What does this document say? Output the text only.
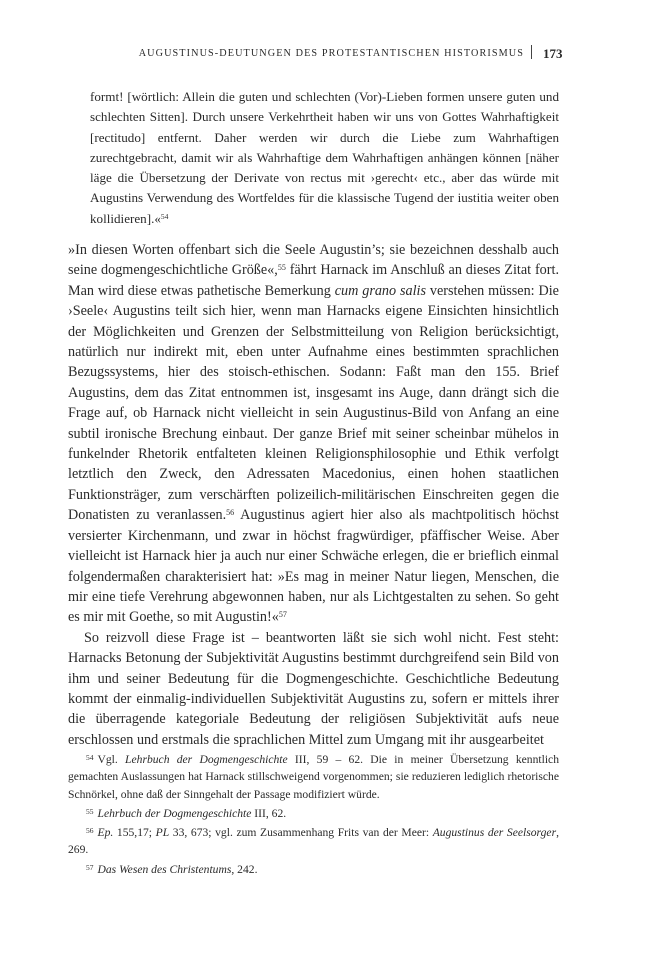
AUGUSTINUS-DEUTUNGEN DES PROTESTANTISCHEN HISTORISMUS 173
formt! [wörtlich: Allein die guten und schlechten (Vor)-Lieben formen unsere guten und schlechten Sitten]. Durch unsere Verkehrtheit haben wir uns von Gottes Wahrhaftigkeit [rectitudo] entfernt. Daher werden wir durch die Liebe zum Wahrhaftigen zurechtgebracht, damit wir als Wahrhaftige dem Wahrhaftigen anhängen können [näher läge die Übersetzung der Derivate von rectus mit ›gerecht‹ etc., aber das würde mit Augustins Verwendung des Wortfeldes für die klassische Tugend der iustitia weiter oben kollidieren].«$^{54}$

»In diesen Worten offenbart sich die Seele Augustin’s; sie bezeichnen desshalb auch seine dogmengeschichtliche Größe«,$^{55}$ fährt Harnack im Anschluß an dieses Zitat fort. Man wird diese etwas pathetische Bemerkung cum grano salis verstehen müssen: Die ›Seele‹ Augustins teilt sich hier, wenn man Harnacks eigene Einsichten hinsichtlich der Möglichkeiten und Grenzen der Selbstmitteilung von Religion berücksichtigt, natürlich nur indirekt mit, eben unter Aufnahme eines bestimmten sprachlichen Bezugssystems, hier des stoisch-ethischen. Sodann: Faßt man den 155. Brief Augustins, dem das Zitat entnommen ist, insgesamt ins Auge, dann drängt sich die Frage auf, ob Harnack nicht vielleicht in sein Augustinus-Bild von Anfang an eine subtil ironische Brechung einbaut. Der ganze Brief mit seiner scheinbar mühelos in funkelnder Rhetorik entfalteten kleinen Religionsphilosophie und Ethik verfolgt letztlich den Zweck, den Adressaten Macedonius, einen hohen staatlichen Funktionsträger, zum verschärften polizeilich-militärischen Einschreiten gegen die Donatisten zu veranlassen.$^{56}$ Augustinus agiert hier also als machtpolitisch höchst versierter Kirchenmann, und zwar in höchst fragwürdiger, pfäffischer Weise. Aber vielleicht ist Harnack hier ja auch nur einer Schwäche erlegen, die er brieflich einmal folgendermaßen charakterisiert hat: »Es mag in meiner Natur liegen, Menschen, die mir eine tiefe Verehrung abgewonnen haben, nur als Lichtgestalten zu sehen. So geht es mir mit Goethe, so mit Augustin!«$^{57}$

So reizvoll diese Frage ist – beantworten läßt sie sich wohl nicht. Fest steht: Harnacks Betonung der Subjektivität Augustins bestimmt durchgreifend sein Bild von ihm und seiner Bedeutung für die Dogmengeschichte. Geschichtliche Bedeutung kommt der einmalig-individuellen Subjektivität Augustins zu, sofern er mittels ihrer die überragende kategoriale Bedeutung der religiösen Subjektivität aufs neue erschlossen und erstmals die sprachlichen Mittel zum Umgang mit ihr ausgearbeitet

$^{54}$ Vgl. Lehrbuch der Dogmengeschichte III, 59 – 62. Die in meiner Übersetzung kenntlich gemachten Auslassungen hat Harnack stillschweigend vorgenommen; sie reduzieren lediglich rhetorische Schnörkel, ohne daß der Sinngehalt der Passage modifiziert würde.

$^{55}$ Lehrbuch der Dogmengeschichte III, 62.

$^{56}$ Ep. 155,17; PL 33, 673; vgl. zum Zusammenhang Frits van der Meer: Augustinus der Seelsorger, 269.

$^{57}$ Das Wesen des Christentums, 242.
